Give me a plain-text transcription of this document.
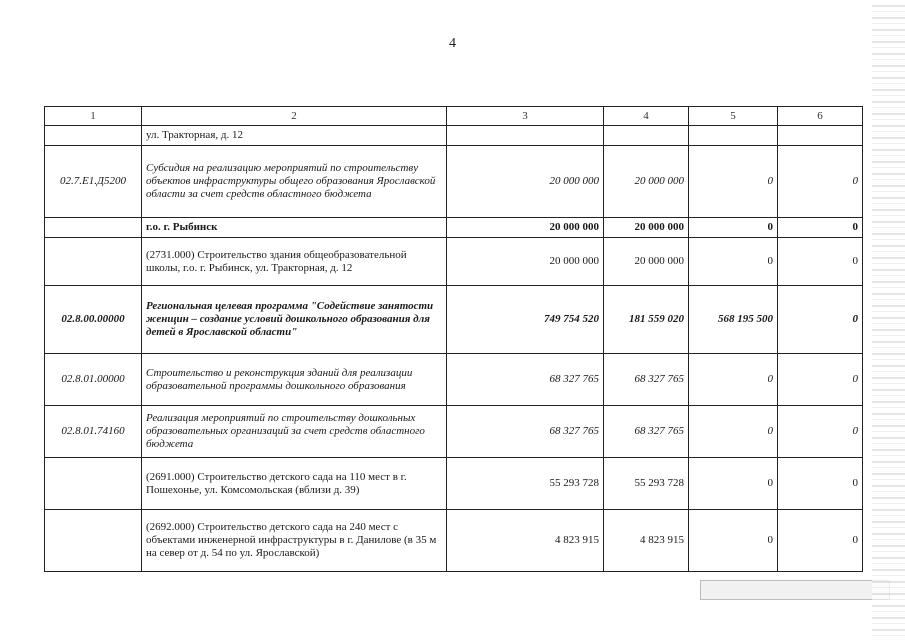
4
1	2	3	4	5	6
	ул. Тракторная, д. 12				
02.7.E1.Д5200	Субсидия на реализацию мероприятий по строительству объектов инфраструктуры общего образования Ярославской области за счет средств областного бюджета	20 000 000	20 000 000	0	0
	г.о. г. Рыбинск	20 000 000	20 000 000	0	0
	(2731.000) Строительство здания общеобразовательной школы, г.о. г. Рыбинск, ул. Тракторная, д. 12	20 000 000	20 000 000	0	0
02.8.00.00000	Региональная целевая программа "Содействие занятости женщин – создание условий дошкольного образования для детей в Ярославской области"	749 754 520	181 559 020	568 195 500	0
02.8.01.00000	Строительство и реконструкция зданий для реализации образовательной программы дошкольного образования	68 327 765	68 327 765	0	0
02.8.01.74160	Реализация мероприятий по строительству дошкольных образовательных организаций за счет средств областного бюджета	68 327 765	68 327 765	0	0
	(2691.000) Строительство детского сада на 110 мест в г. Пошехонье, ул. Комсомольская (вблизи д. 39)	55 293 728	55 293 728	0	0
	(2692.000) Строительство детского сада на 240 мест с объектами инженерной инфраструктуры в г. Данилове (в 35 м на север от д. 54 по ул. Ярославской)	4 823 915	4 823 915	0	0
